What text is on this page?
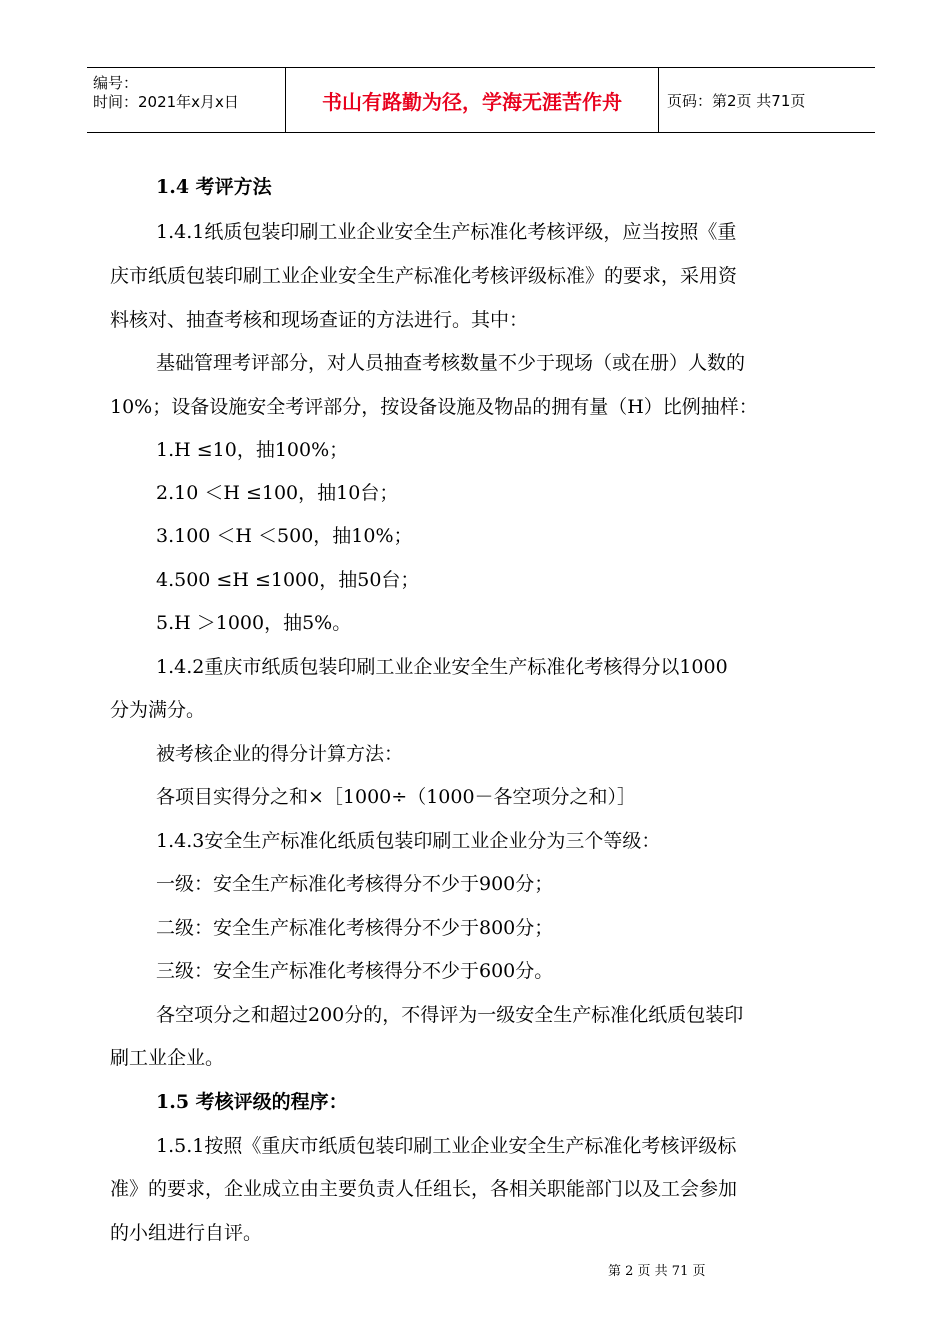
编号：
时间：2021年x月x日	书山有路勤为径，学海无涯苦作舟	页码：第2页 共71页
1.4 考评方法
1.4.1纸质包装印刷工业企业安全生产标准化考核评级，应当按照《重
庆市纸质包装印刷工业企业安全生产标准化考核评级标准》的要求，采用资
料核对、抽查考核和现场查证的方法进行。其中：
基础管理考评部分，对人员抽查考核数量不少于现场（或在册）人数的
10%；设备设施安全考评部分，按设备设施及物品的拥有量（H）比例抽样：
1.H ≤10，抽100%；
2.10 ＜H ≤100，抽10台；
3.100 ＜H ＜500，抽10%；
4.500 ≤H ≤1000，抽50台；
5.H ＞1000，抽5%。
1.4.2重庆市纸质包装印刷工业企业安全生产标准化考核得分以1000
分为满分。
被考核企业的得分计算方法：
各项目实得分之和×［1000÷（1000－各空项分之和）］
1.4.3安全生产标准化纸质包装印刷工业企业分为三个等级：
一级：安全生产标准化考核得分不少于900分；
二级：安全生产标准化考核得分不少于800分；
三级：安全生产标准化考核得分不少于600分。
各空项分之和超过200分的，不得评为一级安全生产标准化纸质包装印
刷工业企业。
1.5 考核评级的程序：
1.5.1按照《重庆市纸质包装印刷工业企业安全生产标准化考核评级标
准》的要求，企业成立由主要负责人任组长，各相关职能部门以及工会参加
的小组进行自评。
第 2 页 共 71 页
